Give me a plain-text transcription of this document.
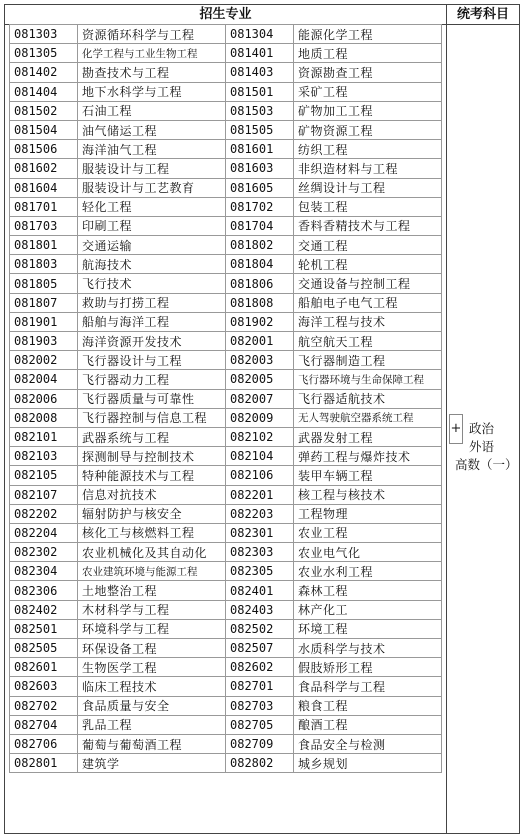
招生专业	统考科目
081303	资源循环科学与工程	081304	能源化学工程
081305	化学工程与工业生物工程	081401	地质工程
081402	勘查技术与工程	081403	资源勘查工程
081404	地下水科学与工程	081501	采矿工程
081502	石油工程	081503	矿物加工工程
081504	油气储运工程	081505	矿物资源工程
081506	海洋油气工程	081601	纺织工程
081602	服装设计与工程	081603	非织造材料与工程
081604	服装设计与工艺教育	081605	丝绸设计与工程
081701	轻化工程	081702	包装工程
081703	印刷工程	081704	香料香精技术与工程
081801	交通运输	081802	交通工程
081803	航海技术	081804	轮机工程
081805	飞行技术	081806	交通设备与控制工程
081807	救助与打捞工程	081808	船舶电子电气工程
081901	船舶与海洋工程	081902	海洋工程与技术
081903	海洋资源开发技术	082001	航空航天工程
082002	飞行器设计与工程	082003	飞行器制造工程
082004	飞行器动力工程	082005	飞行器环境与生命保障工程
082006	飞行器质量与可靠性	082007	飞行器适航技术
082008	飞行器控制与信息工程	082009	无人驾驶航空器系统工程
082101	武器系统与工程	082102	武器发射工程
082103	探测制导与控制技术	082104	弹药工程与爆炸技术
082105	特种能源技术与工程	082106	装甲车辆工程
082107	信息对抗技术	082201	核工程与核技术
082202	辐射防护与核安全	082203	工程物理
082204	核化工与核燃料工程	082301	农业工程
082302	农业机械化及其自动化	082303	农业电气化
082304	农业建筑环境与能源工程	082305	农业水利工程
082306	土地整治工程	082401	森林工程
082402	木材科学与工程	082403	林产化工
082501	环境科学与工程	082502	环境工程
082505	环保设备工程	082507	水质科学与技术
082601	生物医学工程	082602	假肢矫形工程
082603	临床工程技术	082701	食品科学与工程
082702	食品质量与安全	082703	粮食工程
082704	乳品工程	082705	酿酒工程
082706	葡萄与葡萄酒工程	082709	食品安全与检测
082801	建筑学	082802	城乡规划
+ 政治
外语
高数（一）
